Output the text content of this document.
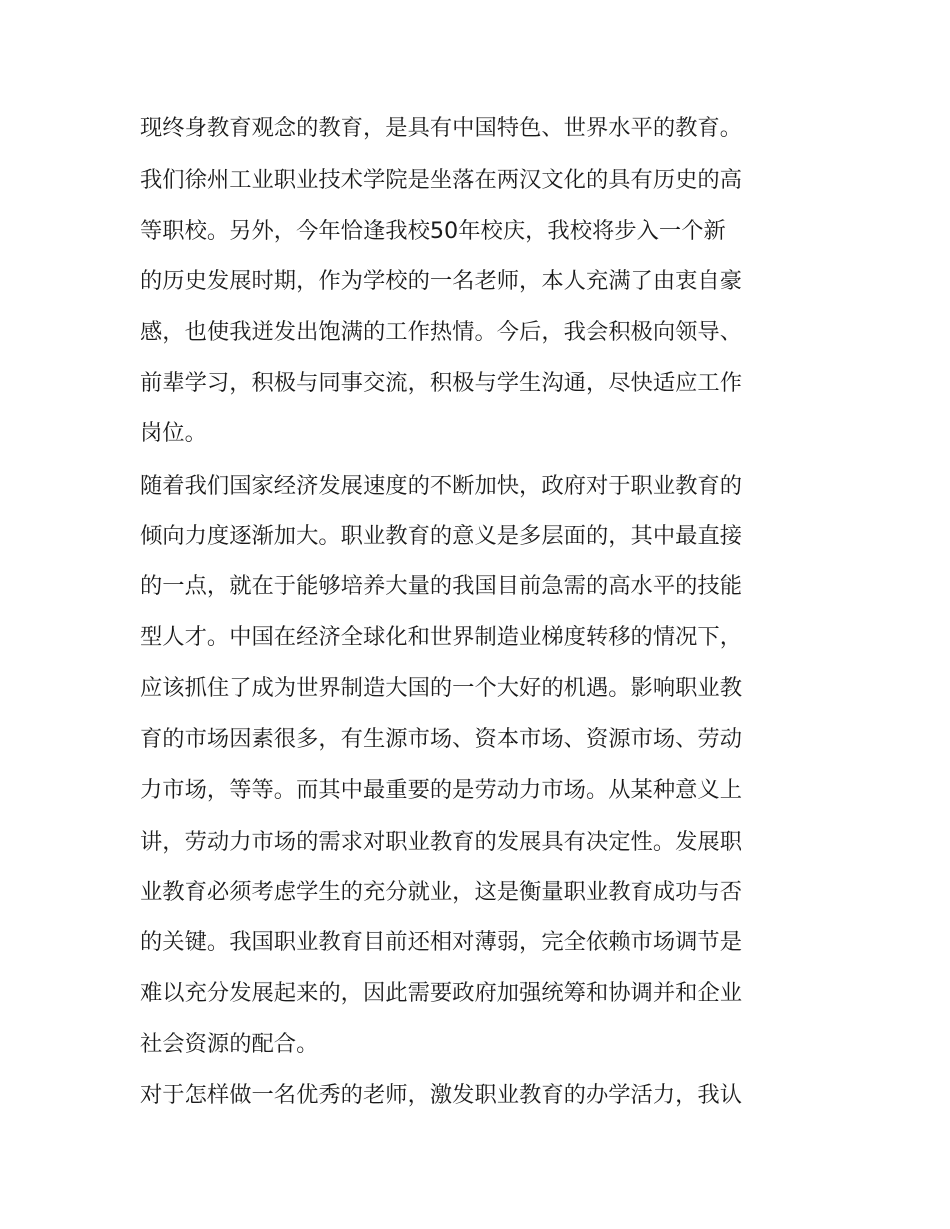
现终身教育观念的教育，是具有中国特色、世界水平的教育。
我们徐州工业职业技术学院是坐落在两汉文化的具有历史的高
等职校。另外，今年恰逢我校50年校庆，我校将步入一个新
的历史发展时期，作为学校的一名老师，本人充满了由衷自豪
感，也使我迸发出饱满的工作热情。今后，我会积极向领导、
前辈学习，积极与同事交流，积极与学生沟通，尽快适应工作
岗位。
随着我们国家经济发展速度的不断加快，政府对于职业教育的
倾向力度逐渐加大。职业教育的意义是多层面的，其中最直接
的一点，就在于能够培养大量的我国目前急需的高水平的技能
型人才。中国在经济全球化和世界制造业梯度转移的情况下，
应该抓住了成为世界制造大国的一个大好的机遇。影响职业教
育的市场因素很多，有生源市场、资本市场、资源市场、劳动
力市场，等等。而其中最重要的是劳动力市场。从某种意义上
讲，劳动力市场的需求对职业教育的发展具有决定性。发展职
业教育必须考虑学生的充分就业，这是衡量职业教育成功与否
的关键。我国职业教育目前还相对薄弱，完全依赖市场调节是
难以充分发展起来的，因此需要政府加强统筹和协调并和企业
社会资源的配合。
对于怎样做一名优秀的老师，激发职业教育的办学活力，我认
